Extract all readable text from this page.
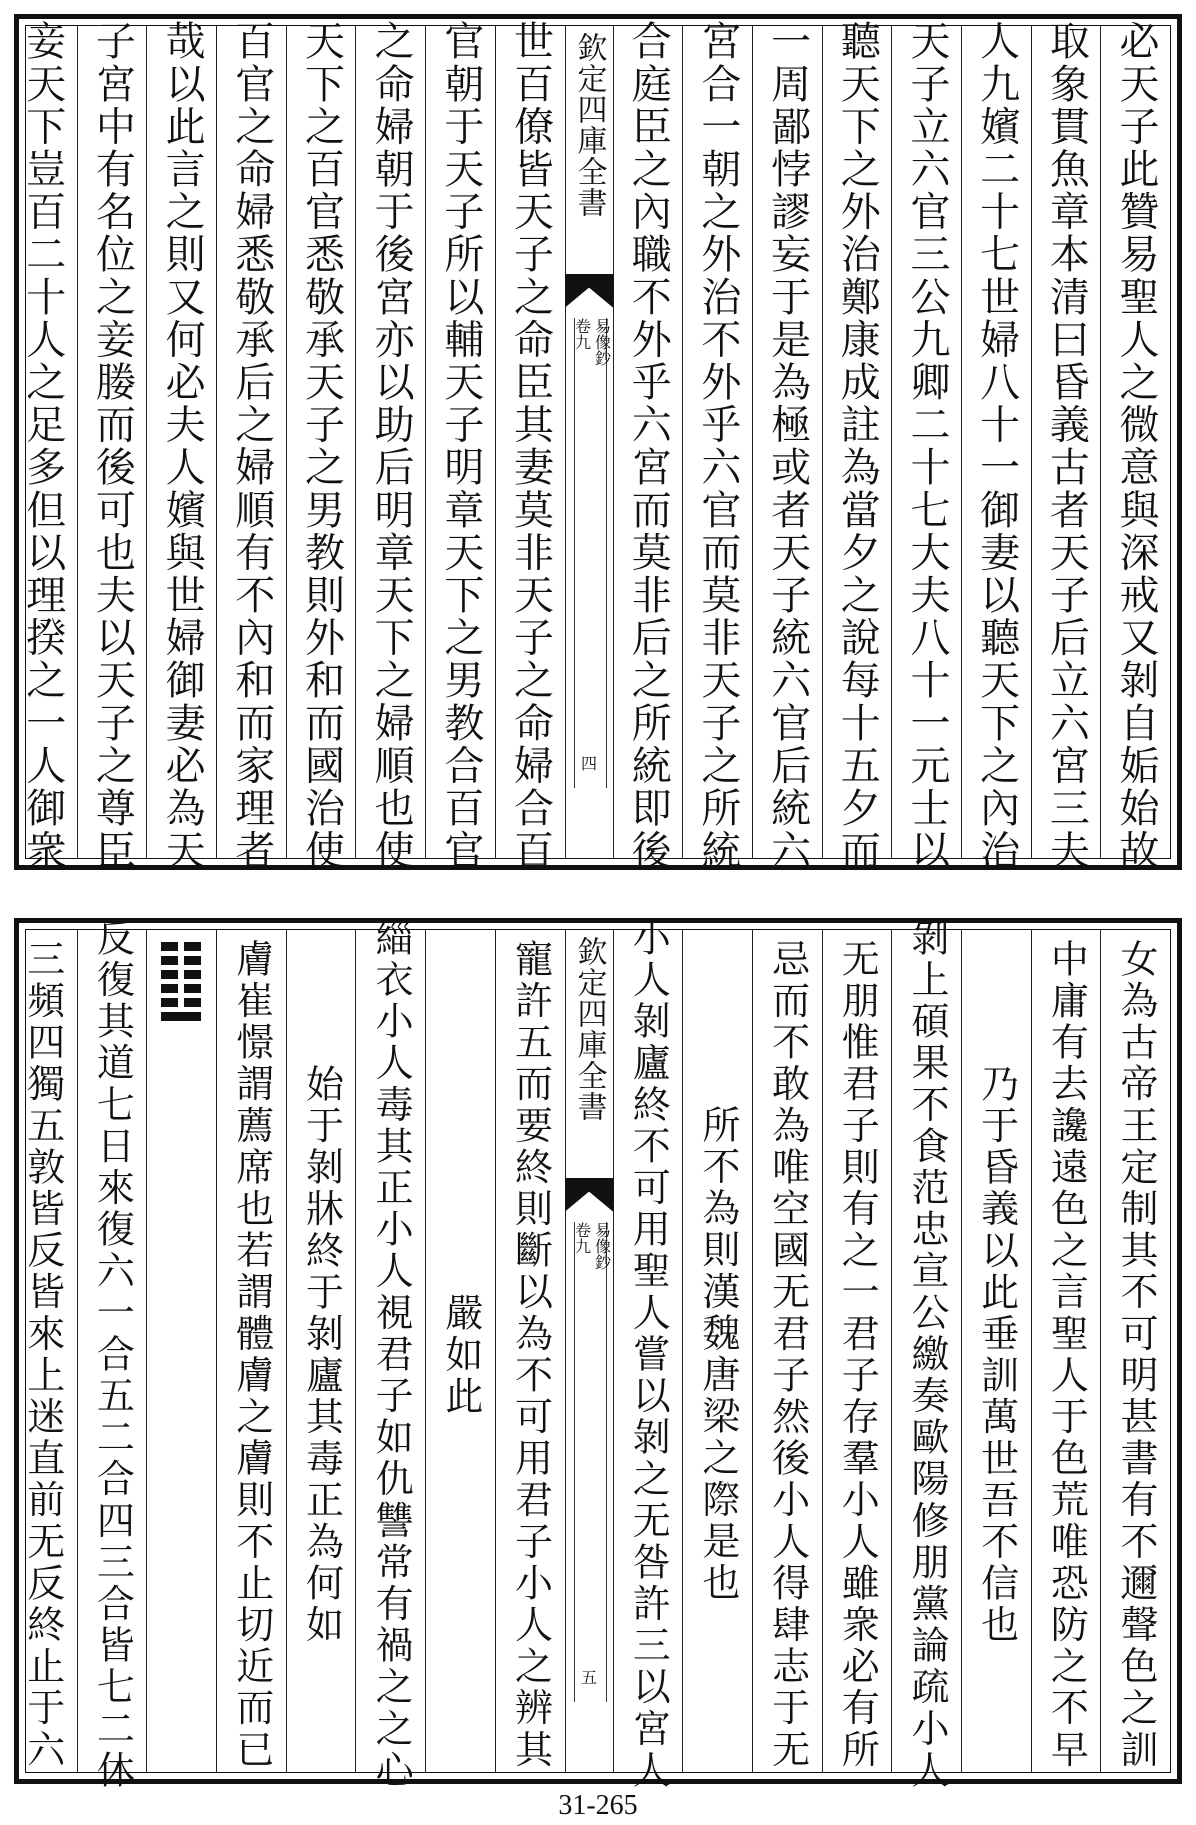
必天子此贊易聖人之微意與深戒又剝自姤始故
取象貫魚章本清曰昏義古者天子后立六宮三夫
人九嬪二十七世婦八十一御妻以聽天下之內治
天子立六官三公九卿二十七大夫八十一元士以
聽天下之外治鄭康成註為當夕之說每十五夕而
一周鄙悖謬妄于是為極或者天子統六官后統六
宮合一朝之外治不外乎六官而莫非天子之所統
合庭臣之內職不外乎六宮而莫非后之所統即後
欽定四庫全書
易像鈔
卷九
四
世百僚皆天子之命臣其妻莫非天子之命婦合百
官朝于天子所以輔天子明章天下之男教合百官
之命婦朝于後宮亦以助后明章天下之婦順也使
天下之百官悉敬承天子之男教則外和而國治使
百官之命婦悉敬承后之婦順有不內和而家理者
哉以此言之則又何必夫人嬪與世婦御妻必為天
子宮中有名位之妾媵而後可也夫以天子之尊臣
妾天下豈百二十人之足多但以理揆之一人御衆
女為古帝王定制其不可明甚書有不邇聲色之訓
中庸有去讒遠色之言聖人于色荒唯恐防之不早
乃于昏義以此垂訓萬世吾不信也
剝上碩果不食范忠宣公繳奏歐陽修朋黨論疏小人
无朋惟君子則有之一君子存羣小人雖衆必有所
忌而不敢為唯空國无君子然後小人得肆志于无
所不為則漢魏唐梁之際是也
小人剝廬終不可用聖人嘗以剝之无咎許三以宮人
欽定四庫全書
易像鈔
卷九
五
寵許五而要終則斷以為不可用君子小人之辨其
嚴如此
緇衣小人毒其正小人視君子如仇讐常有禍之之心
始于剝牀終于剝廬其毒正為何如
膚崔憬謂薦席也若謂體膚之膚則不止切近而已
反復其道七日來復六一合五二合四三合皆七二休
三頻四獨五敦皆反皆來上迷直前无反終止于六
31-265
